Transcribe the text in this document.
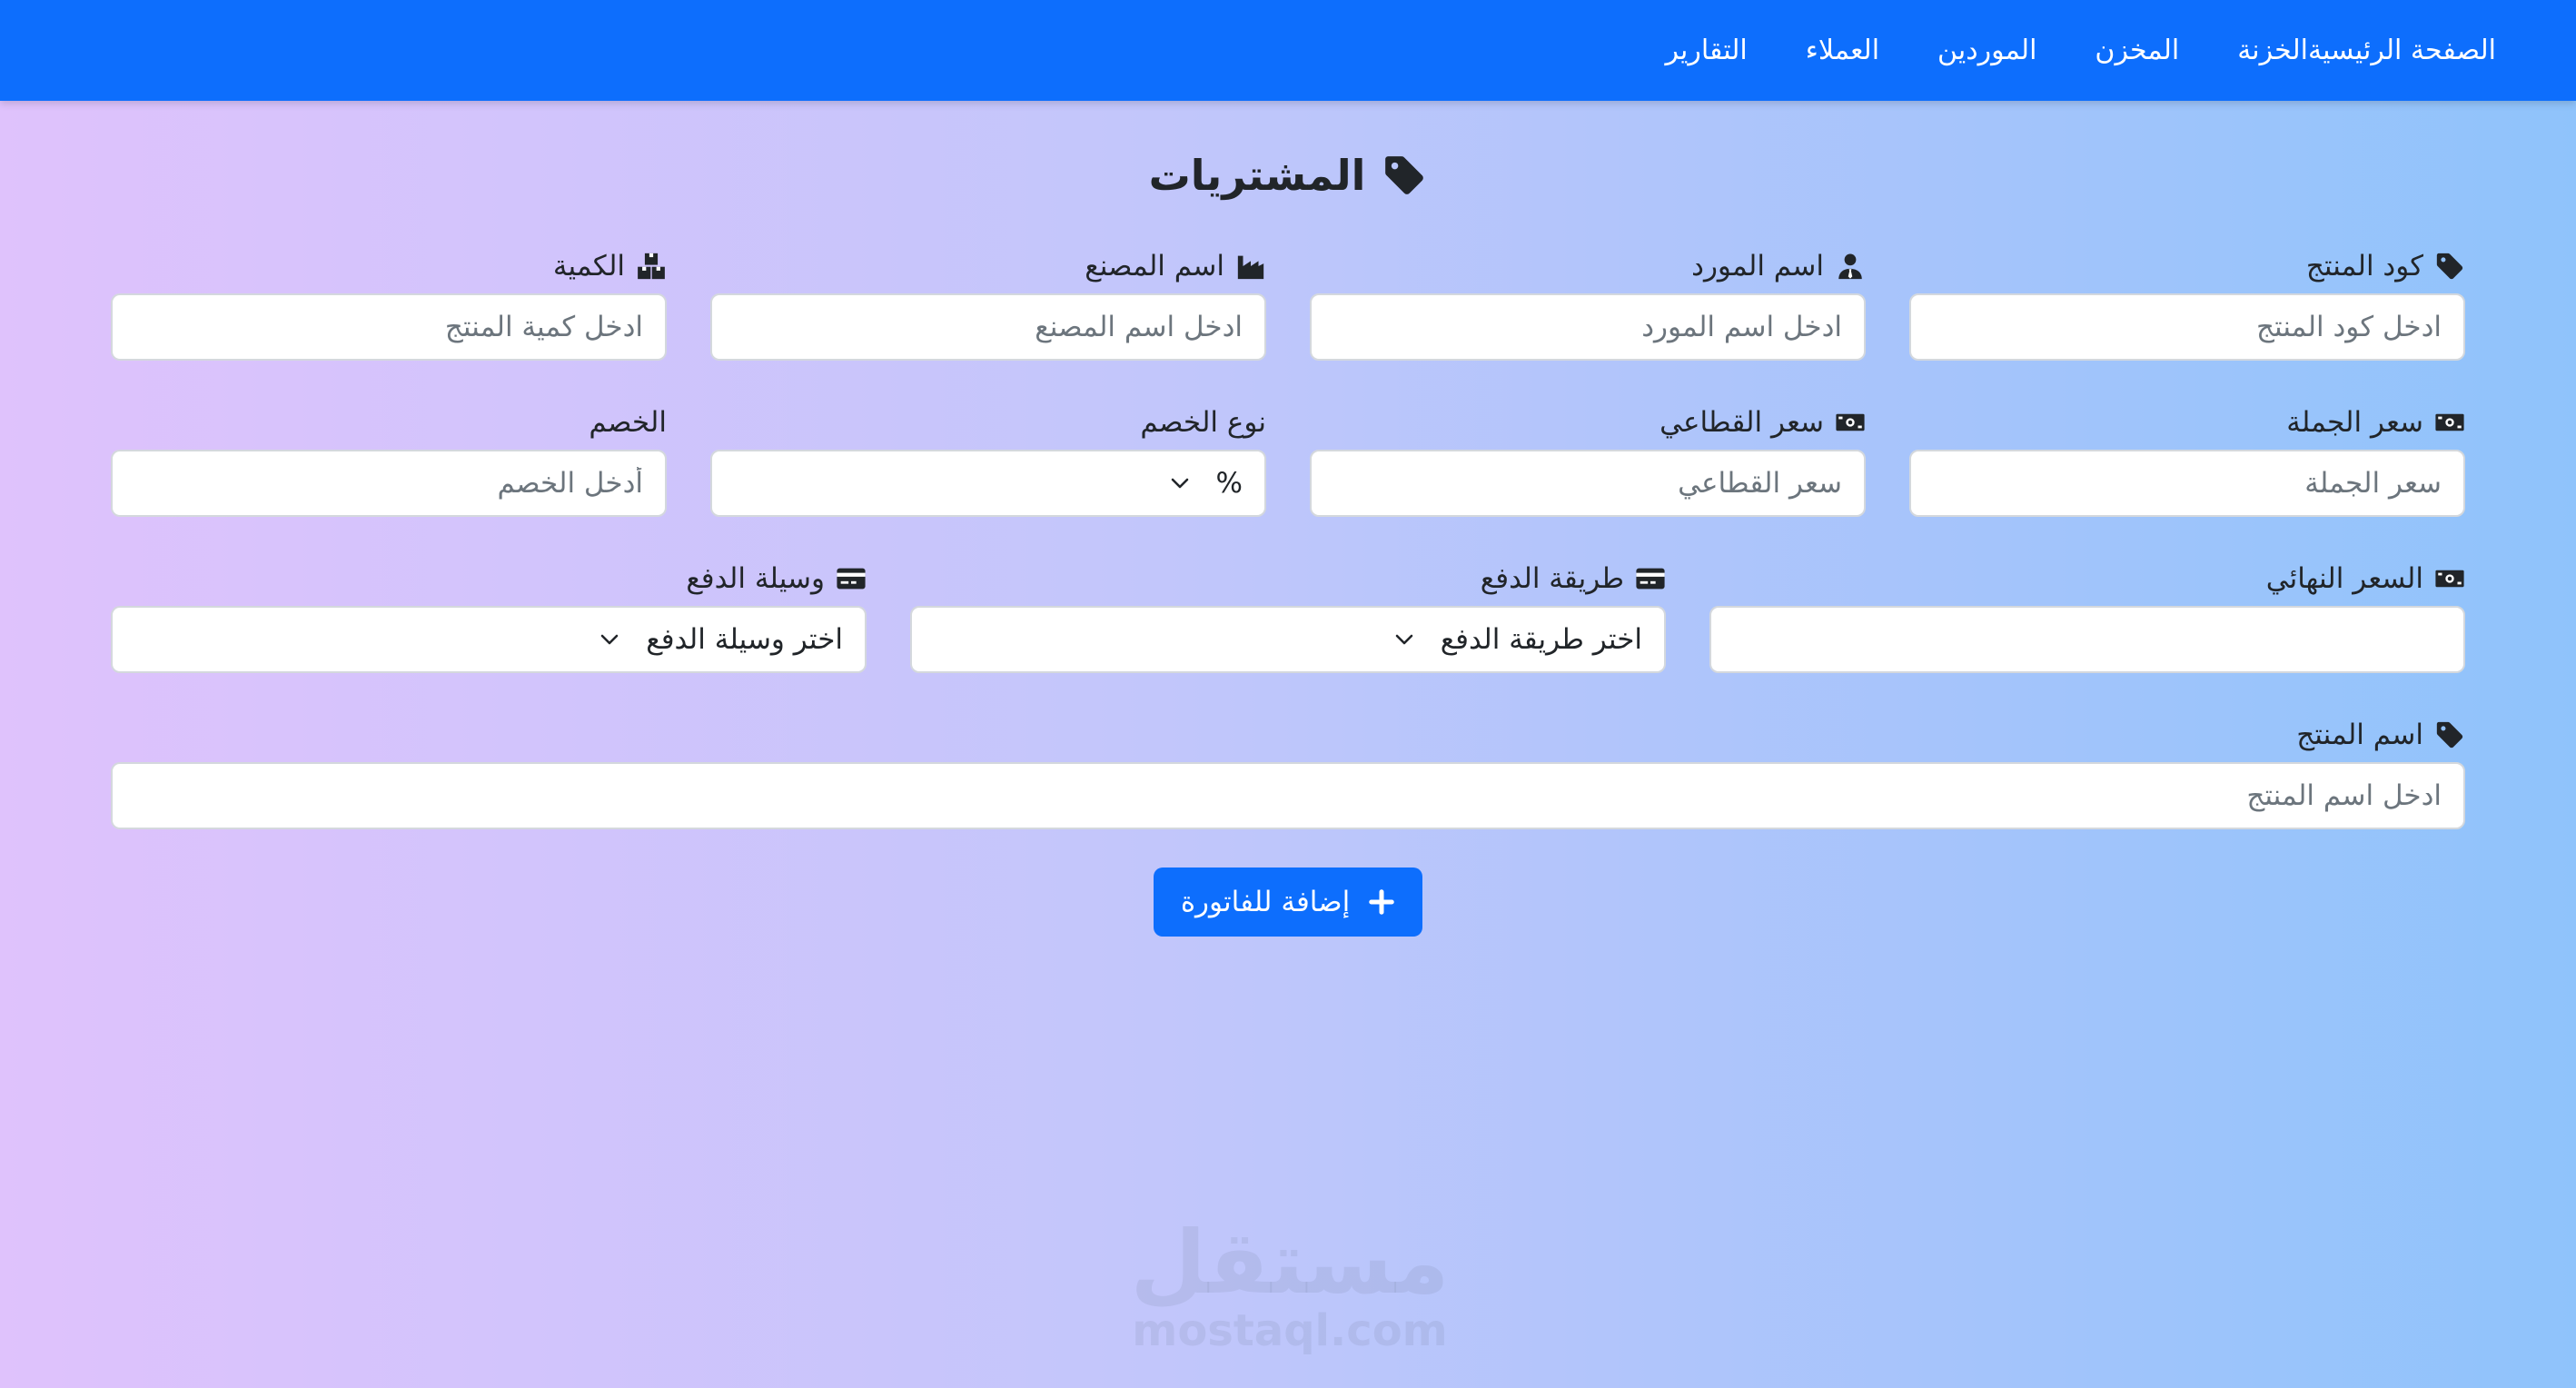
الصفحة الرئيسية
الخزنة
المخزن
الموردين
العملاء
التقارير
المشتريات
كود المنتج
ادخل كود المنتج
اسم المورد
ادخل اسم المورد
اسم المصنع
ادخل اسم المصنع
الكمية
ادخل كمية المنتج
سعر الجملة
سعر الجملة
سعر القطاعي
سعر القطاعي
نوع الخصم
%
الخصم
أدخل الخصم
السعر النهائي
طريقة الدفع
اختر طريقة الدفع
وسيلة الدفع
اختر وسيلة الدفع
اسم المنتج
ادخل اسم المنتج
إضافة للفاتورة
مستقل
mostaql.com
